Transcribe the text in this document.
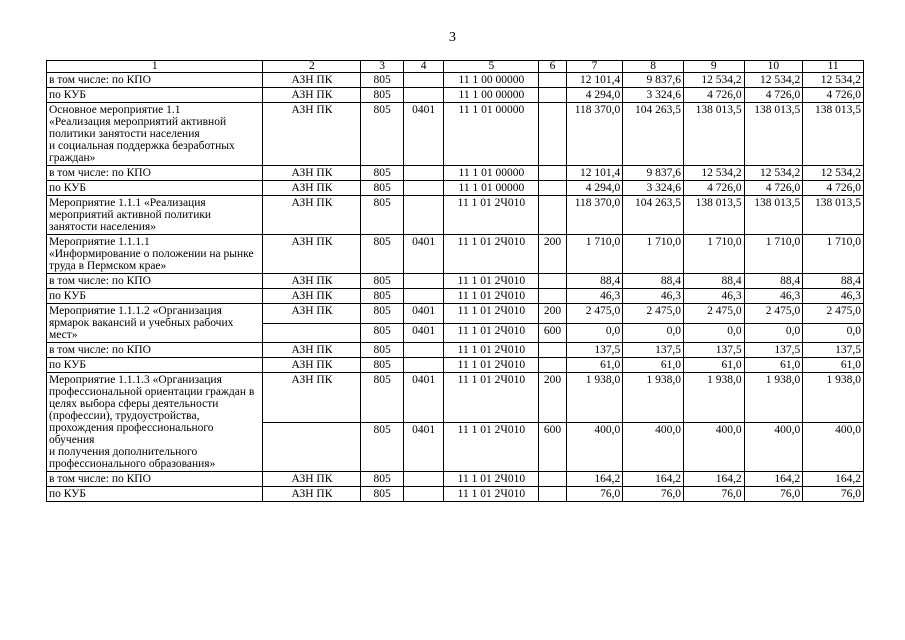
3
1	2	3	4	5	6	7	8	9	10	11
в том числе: по КПО	АЗН ПК	805		11 1 00 00000		12 101,4	9 837,6	12 534,2	12 534,2	12 534,2
по КУБ	АЗН ПК	805		11 1 00 00000		4 294,0	3 324,6	4 726,0	4 726,0	4 726,0
Основное мероприятие 1.1
«Реализация мероприятий активной политики занятости населения
и социальная поддержка безработных граждан»	АЗН ПК	805	0401	11 1 01 00000		118 370,0	104 263,5	138 013,5	138 013,5	138 013,5
в том числе: по КПО	АЗН ПК	805		11 1 01 00000		12 101,4	9 837,6	12 534,2	12 534,2	12 534,2
по КУБ	АЗН ПК	805		11 1 01 00000		4 294,0	3 324,6	4 726,0	4 726,0	4 726,0
Мероприятие 1.1.1 «Реализация мероприятий активной политики занятости населения»	АЗН ПК	805		11 1 01 2Ч010		118 370,0	104 263,5	138 013,5	138 013,5	138 013,5
Мероприятие 1.1.1.1
«Информирование о положении на рынке труда в Пермском крае»	АЗН ПК	805	0401	11 1 01 2Ч010	200	1 710,0	1 710,0	1 710,0	1 710,0	1 710,0
в том числе: по КПО	АЗН ПК	805		11 1 01 2Ч010		88,4	88,4	88,4	88,4	88,4
по КУБ	АЗН ПК	805		11 1 01 2Ч010		46,3	46,3	46,3	46,3	46,3
Мероприятие 1.1.1.2 «Организация ярмарок вакансий и учебных рабочих мест»	АЗН ПК	805	0401	11 1 01 2Ч010	200	2 475,0	2 475,0	2 475,0	2 475,0	2 475,0
		805	0401	11 1 01 2Ч010	600	0,0	0,0	0,0	0,0	0,0
в том числе: по КПО	АЗН ПК	805		11 1 01 2Ч010		137,5	137,5	137,5	137,5	137,5
по КУБ	АЗН ПК	805		11 1 01 2Ч010		61,0	61,0	61,0	61,0	61,0
Мероприятие 1.1.1.3 «Организация профессиональной ориентации граждан в целях выбора сферы деятельности (профессии), трудоустройства, прохождения профессионального обучения
и получения дополнительного профессионального образования»	АЗН ПК	805	0401	11 1 01 2Ч010	200	1 938,0	1 938,0	1 938,0	1 938,0	1 938,0
		805	0401	11 1 01 2Ч010	600	400,0	400,0	400,0	400,0	400,0
в том числе: по КПО	АЗН ПК	805		11 1 01 2Ч010		164,2	164,2	164,2	164,2	164,2
по КУБ	АЗН ПК	805		11 1 01 2Ч010		76,0	76,0	76,0	76,0	76,0
